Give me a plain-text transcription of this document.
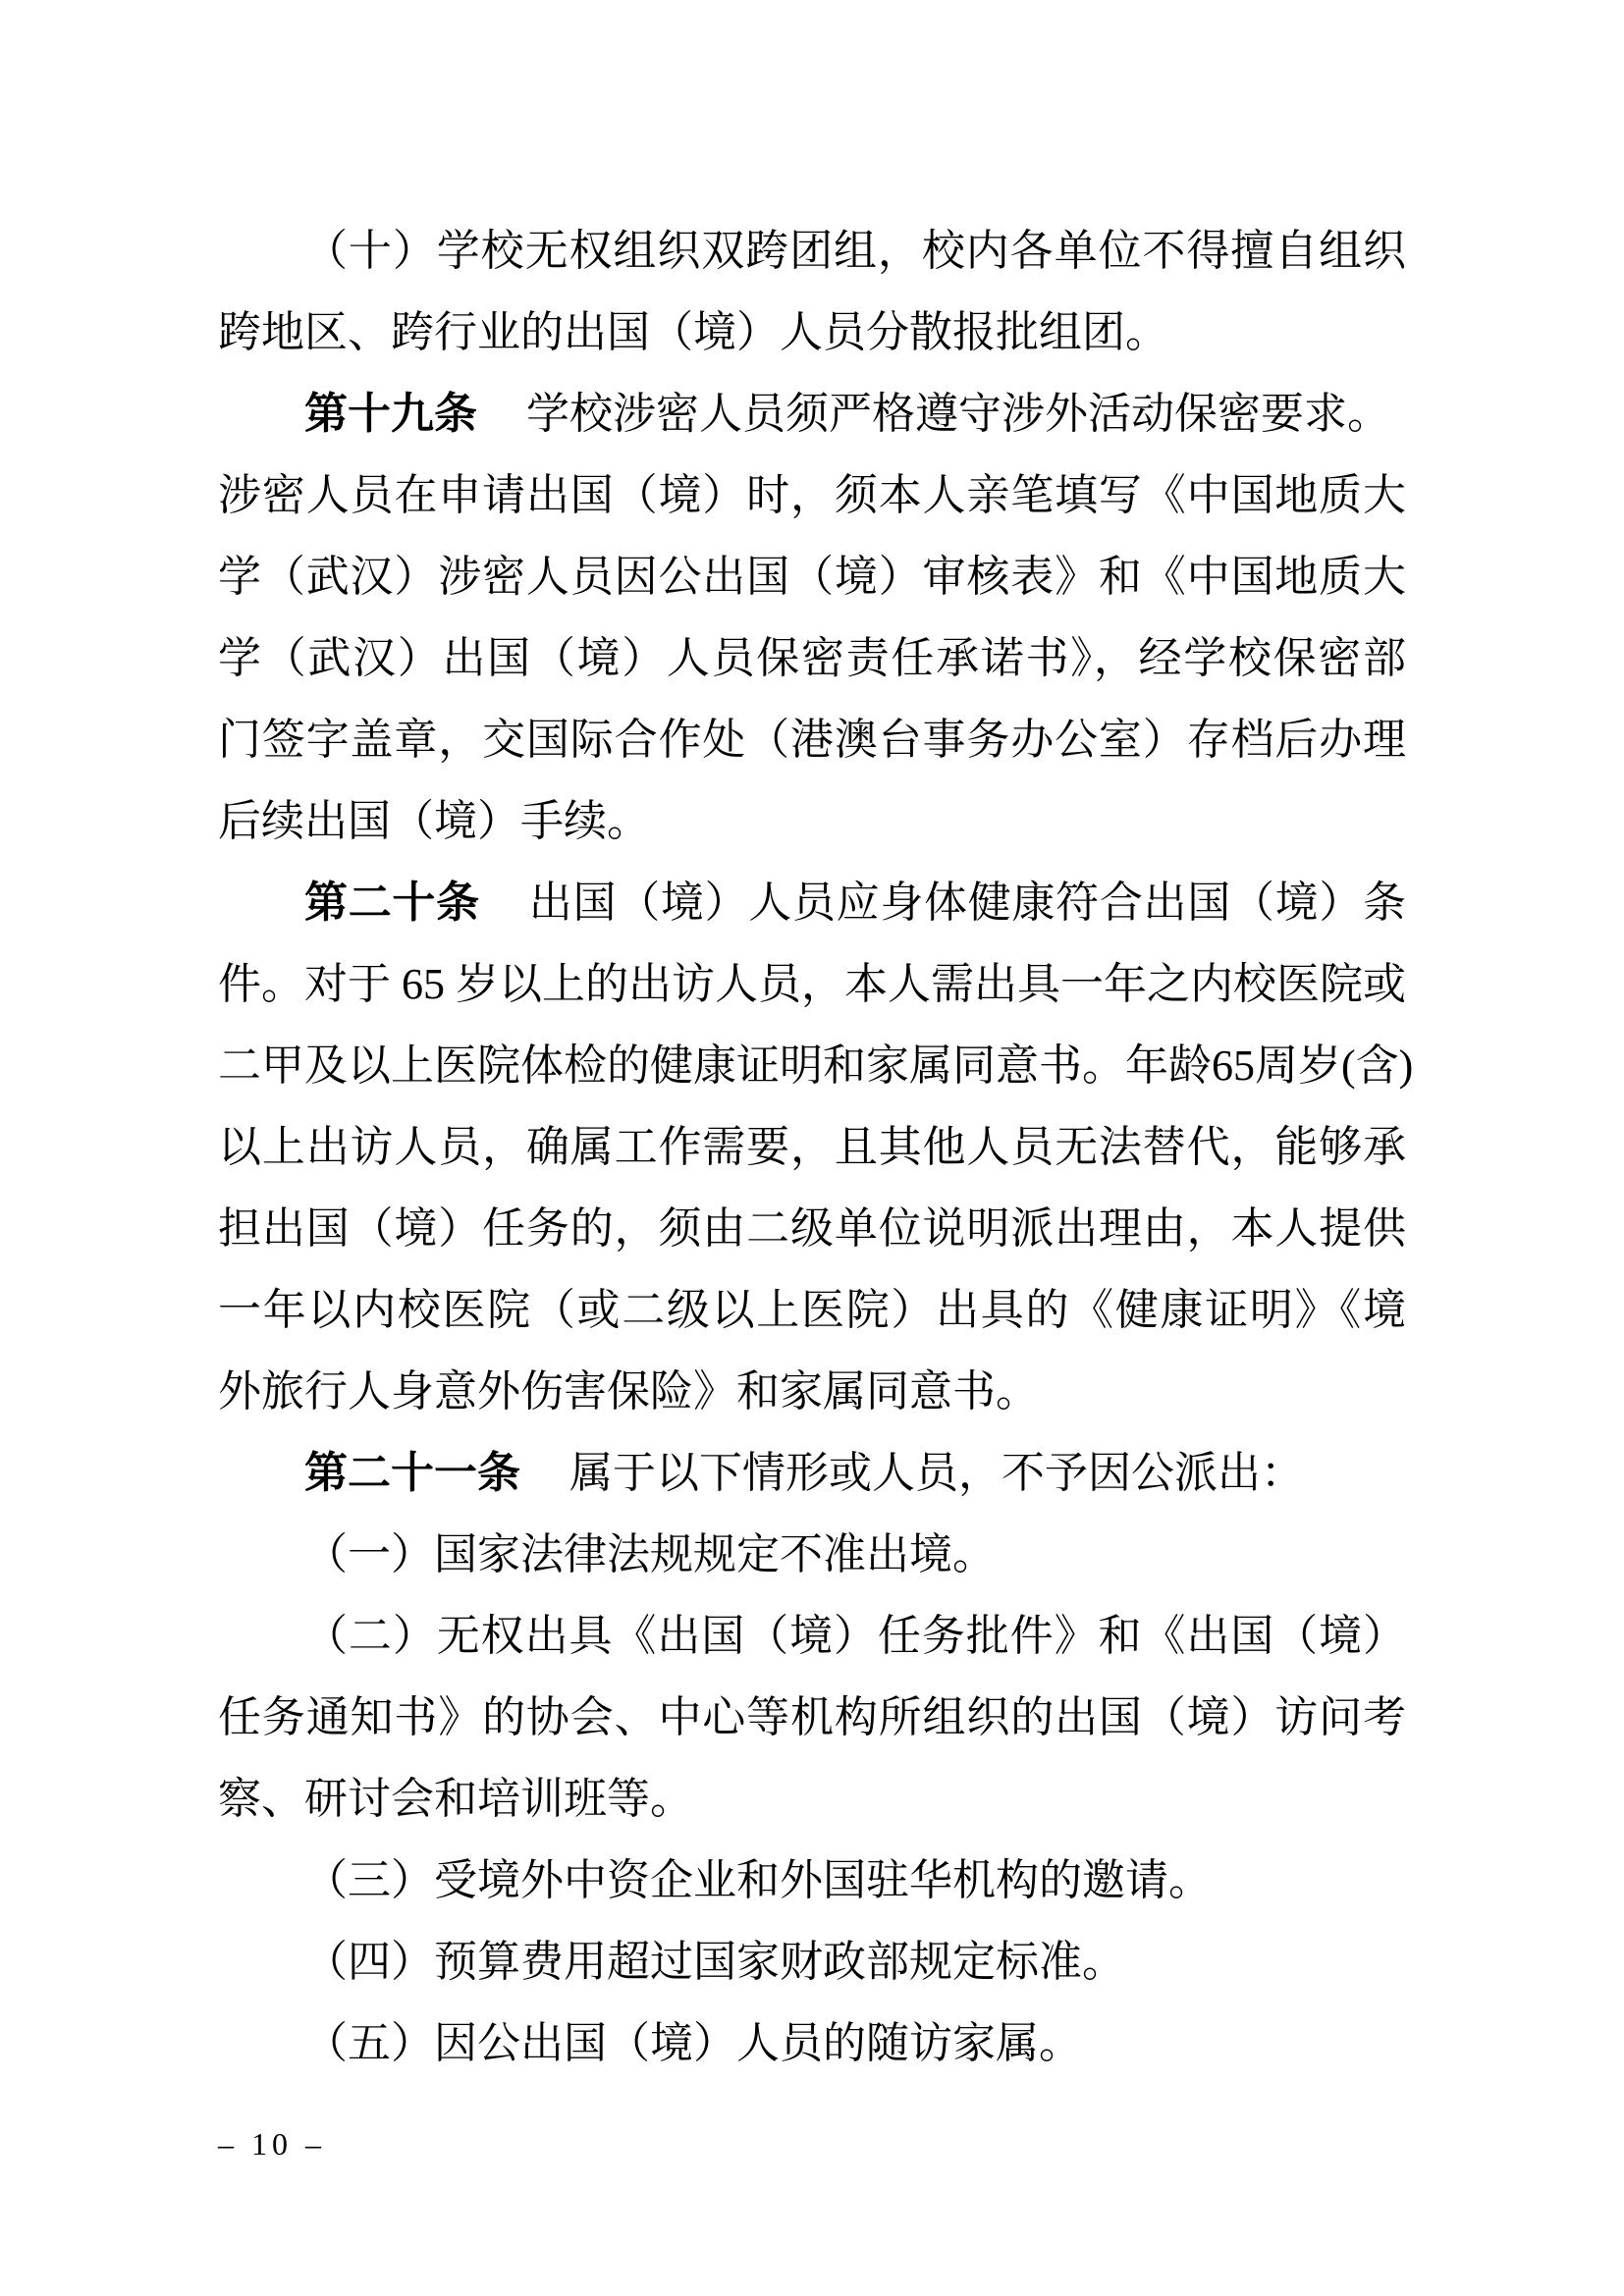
（十）学校无权组织双跨团组，校内各单位不得擅自组织
跨地区、跨行业的出国（境）人员分散报批组团。
第十九条 学校涉密人员须严格遵守涉外活动保密要求。
涉密人员在申请出国（境）时，须本人亲笔填写《中国地质大
学（武汉）涉密人员因公出国（境）审核表》和《中国地质大
学（武汉）出国（境）人员保密责任承诺书》，经学校保密部
门签字盖章，交国际合作处（港澳台事务办公室）存档后办理
后续出国（境）手续。
第二十条 出国（境）人员应身体健康符合出国（境）条
件。对于 65 岁以上的出访人员，本人需出具一年之内校医院或
二甲及以上医院体检的健康证明和家属同意书。年龄65周岁(含)
以上出访人员，确属工作需要，且其他人员无法替代，能够承
担出国（境）任务的，须由二级单位说明派出理由，本人提供
一年以内校医院（或二级以上医院）出具的《健康证明》《境
外旅行人身意外伤害保险》和家属同意书。
第二十一条 属于以下情形或人员，不予因公派出：
（一）国家法律法规规定不准出境。
（二）无权出具《出国（境）任务批件》和《出国（境）
任务通知书》的协会、中心等机构所组织的出国（境）访问考
察、研讨会和培训班等。
（三）受境外中资企业和外国驻华机构的邀请。
（四）预算费用超过国家财政部规定标准。
（五）因公出国（境）人员的随访家属。
– 10 –
